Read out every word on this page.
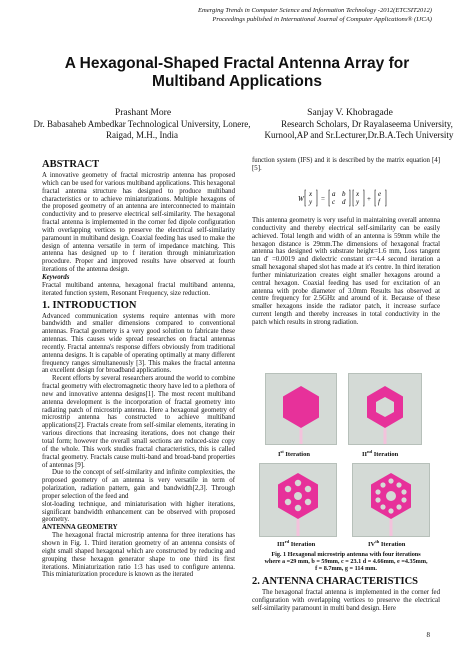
Emerging Trends in Computer Science and Information Technology -2012(ETCSIT2012)
Proceedings published in International Journal of Computer Applications® (IJCA)
A Hexagonal-Shaped Fractal Antenna Array for
Multiband Applications
Prashant More	Sanjay V. Khobragade
Dr. Babasaheb Ambedkar Technological University, Lonere,
Raigad, M.H., India
Research Scholars, Dr Rayalaseema University,
Kurnool,AP and Sr.Lecturer,Dr.B.A.Tech University
ABSTRACT

A innovative geometry of fractal microstrip antenna has proposed which can be used for various multiband applications. This hexagonal fractal antenna structure has designed to produce multiband characteristics or to achieve miniaturizations. Multiple hexagons of the proposed geometry of an antenna are interconnected to maintain conductivity and to preserve electrical self-similarity. The hexagonal fractal antenna is implemented in the corner fed dipole configuration with overlapping vertices to preserve the electrical self-similarity paramount in multiband design. Coaxial feeding has used to make the design of antenna versatile in term of impedance matching. This antenna has designed up to f iteration through miniaturization procedure. Proper and improved results have observed at fourth iterations of the antenna design.

Keywords

Fractal multiband antenna, hexagonal fractal multiband antenna, iterated function system, Resonant Frequency, size reduction.

1. INTRODUCTION

Advanced communication systems require antennas with more bandwidth and smaller dimensions compared to conventional antennas. Fractal geometry is a very good solution to fabricate these antennas. This causes wide spread researches on fractal antennas recently. Fractal antenna's response differs obviously from traditional antenna designs. It is capable of operating optimally at many different frequency ranges simultaneously [3]. This makes the fractal antenna an excellent design for broadband applications.

Recent efforts by several researchers around the world to combine fractal geometry with electromagnetic theory have led to a plethora of new and innovative antenna designs[1]. The most recent multiband antenna development is the incorporation of fractal geometry into radiating patch of microstrip antenna. Here a hexagonal geometry of microstrip antenna has constructed to achieve multiband applications[2]. Fractals create from self-similar elements, iterating in various directions that increasing iterations, does not change their total form; however the overall small sections are reduced-size copy of the whole. This work studies fractal characteristics, this is called fractal geometry. Fractals cause multi-band and broad-band properties of antennas [9].

Due to the concept of self-similarity and infinite complexities, the proposed geometry of an antenna is very versatile in term of polarization, radiation pattern, gain and bandwidth[2,3]. Through proper selection of the feed and

slot-loading technique, and miniaturisation with higher iterations, significant bandwidth enhancement can be observed with proposed geometry.

ANTENNA GEOMETRY

The hexagonal fractal microstrip antenna for three iterations has shown in Fig. 1. Third iteration geometry of an antenna consists of eight small shaped hexagonal which are constructed by reducing and grouping these hexagon generator shape to one third its first iterations. Miniaturization ratio 1:3 has used to configure antenna. This miniaturization procedure is known as the iterated

function system (IFS) and it is described by the matrix equation [4][5].

W
x
y =
a b
c d
x
y +
e
f

This antenna geometry is very useful in maintaining overall antenna conductivity and thereby electrical self-similarity can be easily achieved. Total length and width of an antenna is 59mm while the hexagon distance is 29mm.The dimensions of hexagonal fractal antenna has designed with substrate height=1.6 mm, Loss tangent tan d' =0.0019 and dielectric constant εr=4.4 second iteration a small hexagonal shaped slot has made at it's centre. In third iteration further miniaturization creates eight smaller hexagons around a central hexagon. Coaxial feeding has used for excitation of an antenna with probe diameter of 3.0mm Results has observed at centre frequency for 2.5GHz and around of it. Because of these smaller hexagons inside the radiator patch, it increase surface current length and thereby increases in total conductivity in the patch which results in strong radiation.

Ist Iteration	IInd Iteration
IIIrd Iteration	IVth Iteration
Fig. 1 Hexagonal microstrip antenna with four iterations
where a =29 mm, b = 59mm, c = 23.1 d = 4.66mm, e =4.35mm,
f = 8.7mm, g = 114 mm.
2. ANTENNA CHARACTERISTICS

The hexagonal fractal antenna is implemented in the corner fed configuration with overlapping vertices to preserve the electrical self-similarity paramount in multi band design. Here

8
